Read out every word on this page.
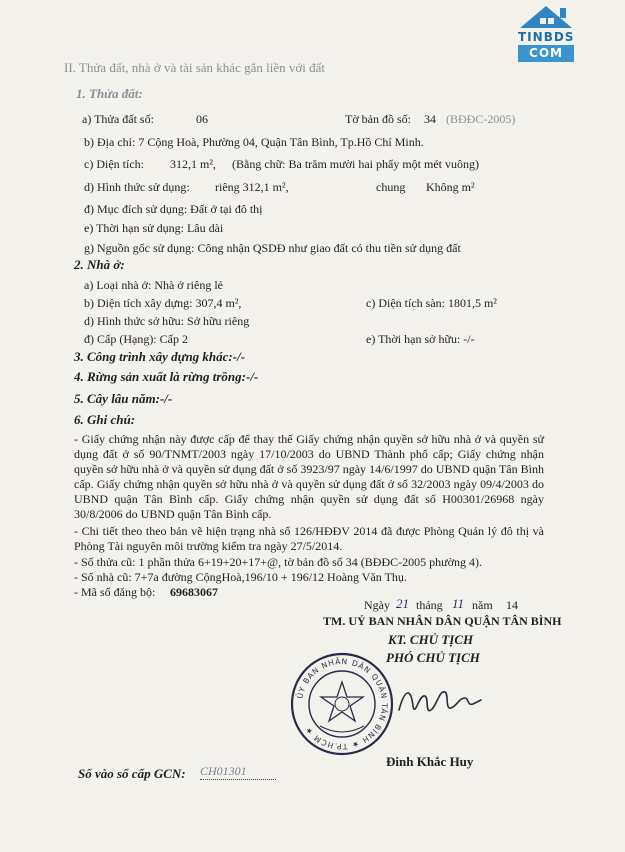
TINBDS
COM
II. Thửa đất, nhà ở và tài sản khác gắn liền với đất
1. Thửa đất:
a) Thửa đất số:	06	Tờ bản đồ số: 34 (BĐĐC-2005)
b) Địa chỉ: 7 Cộng Hoà, Phường 04, Quận Tân Bình, Tp.Hồ Chí Minh.
c) Diện tích: 312,1 m², (Bằng chữ: Ba trăm mười hai phẩy một mét vuông)
d) Hình thức sử dụng: riêng 312,1 m²,	chung Không m²
đ) Mục đích sử dụng: Đất ở tại đô thị
e) Thời hạn sử dụng: Lâu dài
g) Nguồn gốc sử dụng: Công nhận QSDĐ như giao đất có thu tiền sử dụng đất
2. Nhà ở:
a) Loại nhà ở: Nhà ở riêng lẻ
b) Diện tích xây dựng: 307,4 m²,	c) Diện tích sàn: 1801,5 m²
d) Hình thức sở hữu: Sở hữu riêng
đ) Cấp (Hạng): Cấp 2	e) Thời hạn sở hữu: -/-
3. Công trình xây dựng khác:-/-
4. Rừng sản xuất là rừng trồng:-/-
5. Cây lâu năm:-/-
6. Ghi chú:
- Giấy chứng nhận này được cấp để thay thế Giấy chứng nhận quyền sở hữu nhà ở và quyền sử dụng đất ở số 90/TNMT/2003 ngày 17/10/2003 do UBND Thành phố cấp; Giấy chứng nhận quyền sở hữu nhà ở và quyền sử dụng đất ở số 3923/97 ngày 14/6/1997 do UBND quận Tân Bình cấp. Giấy chứng nhận quyền sở hữu nhà ở và quyền sử dụng đất ở số 32/2003 ngày 09/4/2003 do UBND quận Tân Bình cấp. Giấy chứng nhận quyền sử dụng đất số H00301/26968 ngày 30/8/2006 do UBND quận Tân Bình cấp.
- Chi tiết theo theo bản vẽ hiện trạng nhà số 126/HĐĐV 2014 đã được Phòng Quản lý đô thị và Phòng Tài nguyên môi trường kiểm tra ngày 27/5/2014.
- Số thửa cũ: 1 phần thửa 6+19+20+17+@, tờ bản đồ số 34 (BĐĐC-2005 phường 4).
- Số nhà cũ: 7+7a đường CộngHoà,196/10 + 196/12 Hoàng Văn Thụ.
- Mã số đăng bộ: 69683067
Ngày 21 tháng 11 năm 14
TM. UỶ BAN NHÂN DÂN QUẬN TÂN BÌNH
KT. CHỦ TỊCH
PHÓ CHỦ TỊCH
ỦY BAN NHÂN DÂN QUẬN TÂN BÌNH ★ TP.HCM ★
Đinh Khắc Huy
Số vào sổ cấp GCN: CH01301
